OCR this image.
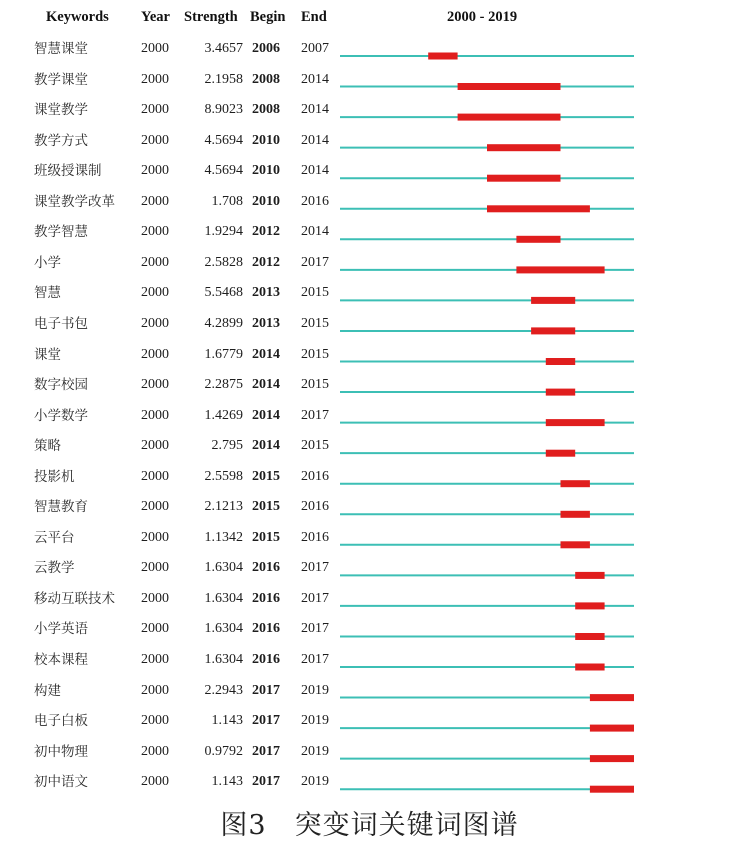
Keywords Year Strength Begin End	2000 - 2019
智慧课堂	2000	3.4657 2006 2007
教学课堂	2000	2.1958 2008 2014
课堂教学	2000	8.9023 2008 2014
教学方式	2000	4.5694 2010 2014
班级授课制	2000	4.5694 2010 2014
课堂教学改革 2000	1.708 2010 2016
教学智慧	2000	1.9294 2012 2014
小学	2000	2.5828 2012 2017
智慧	2000	5.5468 2013 2015
电子书包	2000	4.2899 2013 2015
课堂	2000	1.6779 2014 2015
数字校园	2000	2.2875 2014 2015
小学数学	2000	1.4269 2014 2017
策略	2000	2.795 2014 2015
投影机	2000	2.5598 2015 2016
智慧教育	2000	2.1213 2015 2016
云平台	2000	1.1342 2015 2016
云教学	2000	1.6304 2016 2017
移动互联技术 2000	1.6304 2016 2017
小学英语	2000	1.6304 2016 2017
校本课程	2000	1.6304 2016 2017
构建	2000	2.2943 2017 2019
电子白板	2000	1.143 2017 2019
初中物理	2000	0.9792 2017 2019
初中语文	2000	1.143 2017 2019
图3　突变词关键词图谱
